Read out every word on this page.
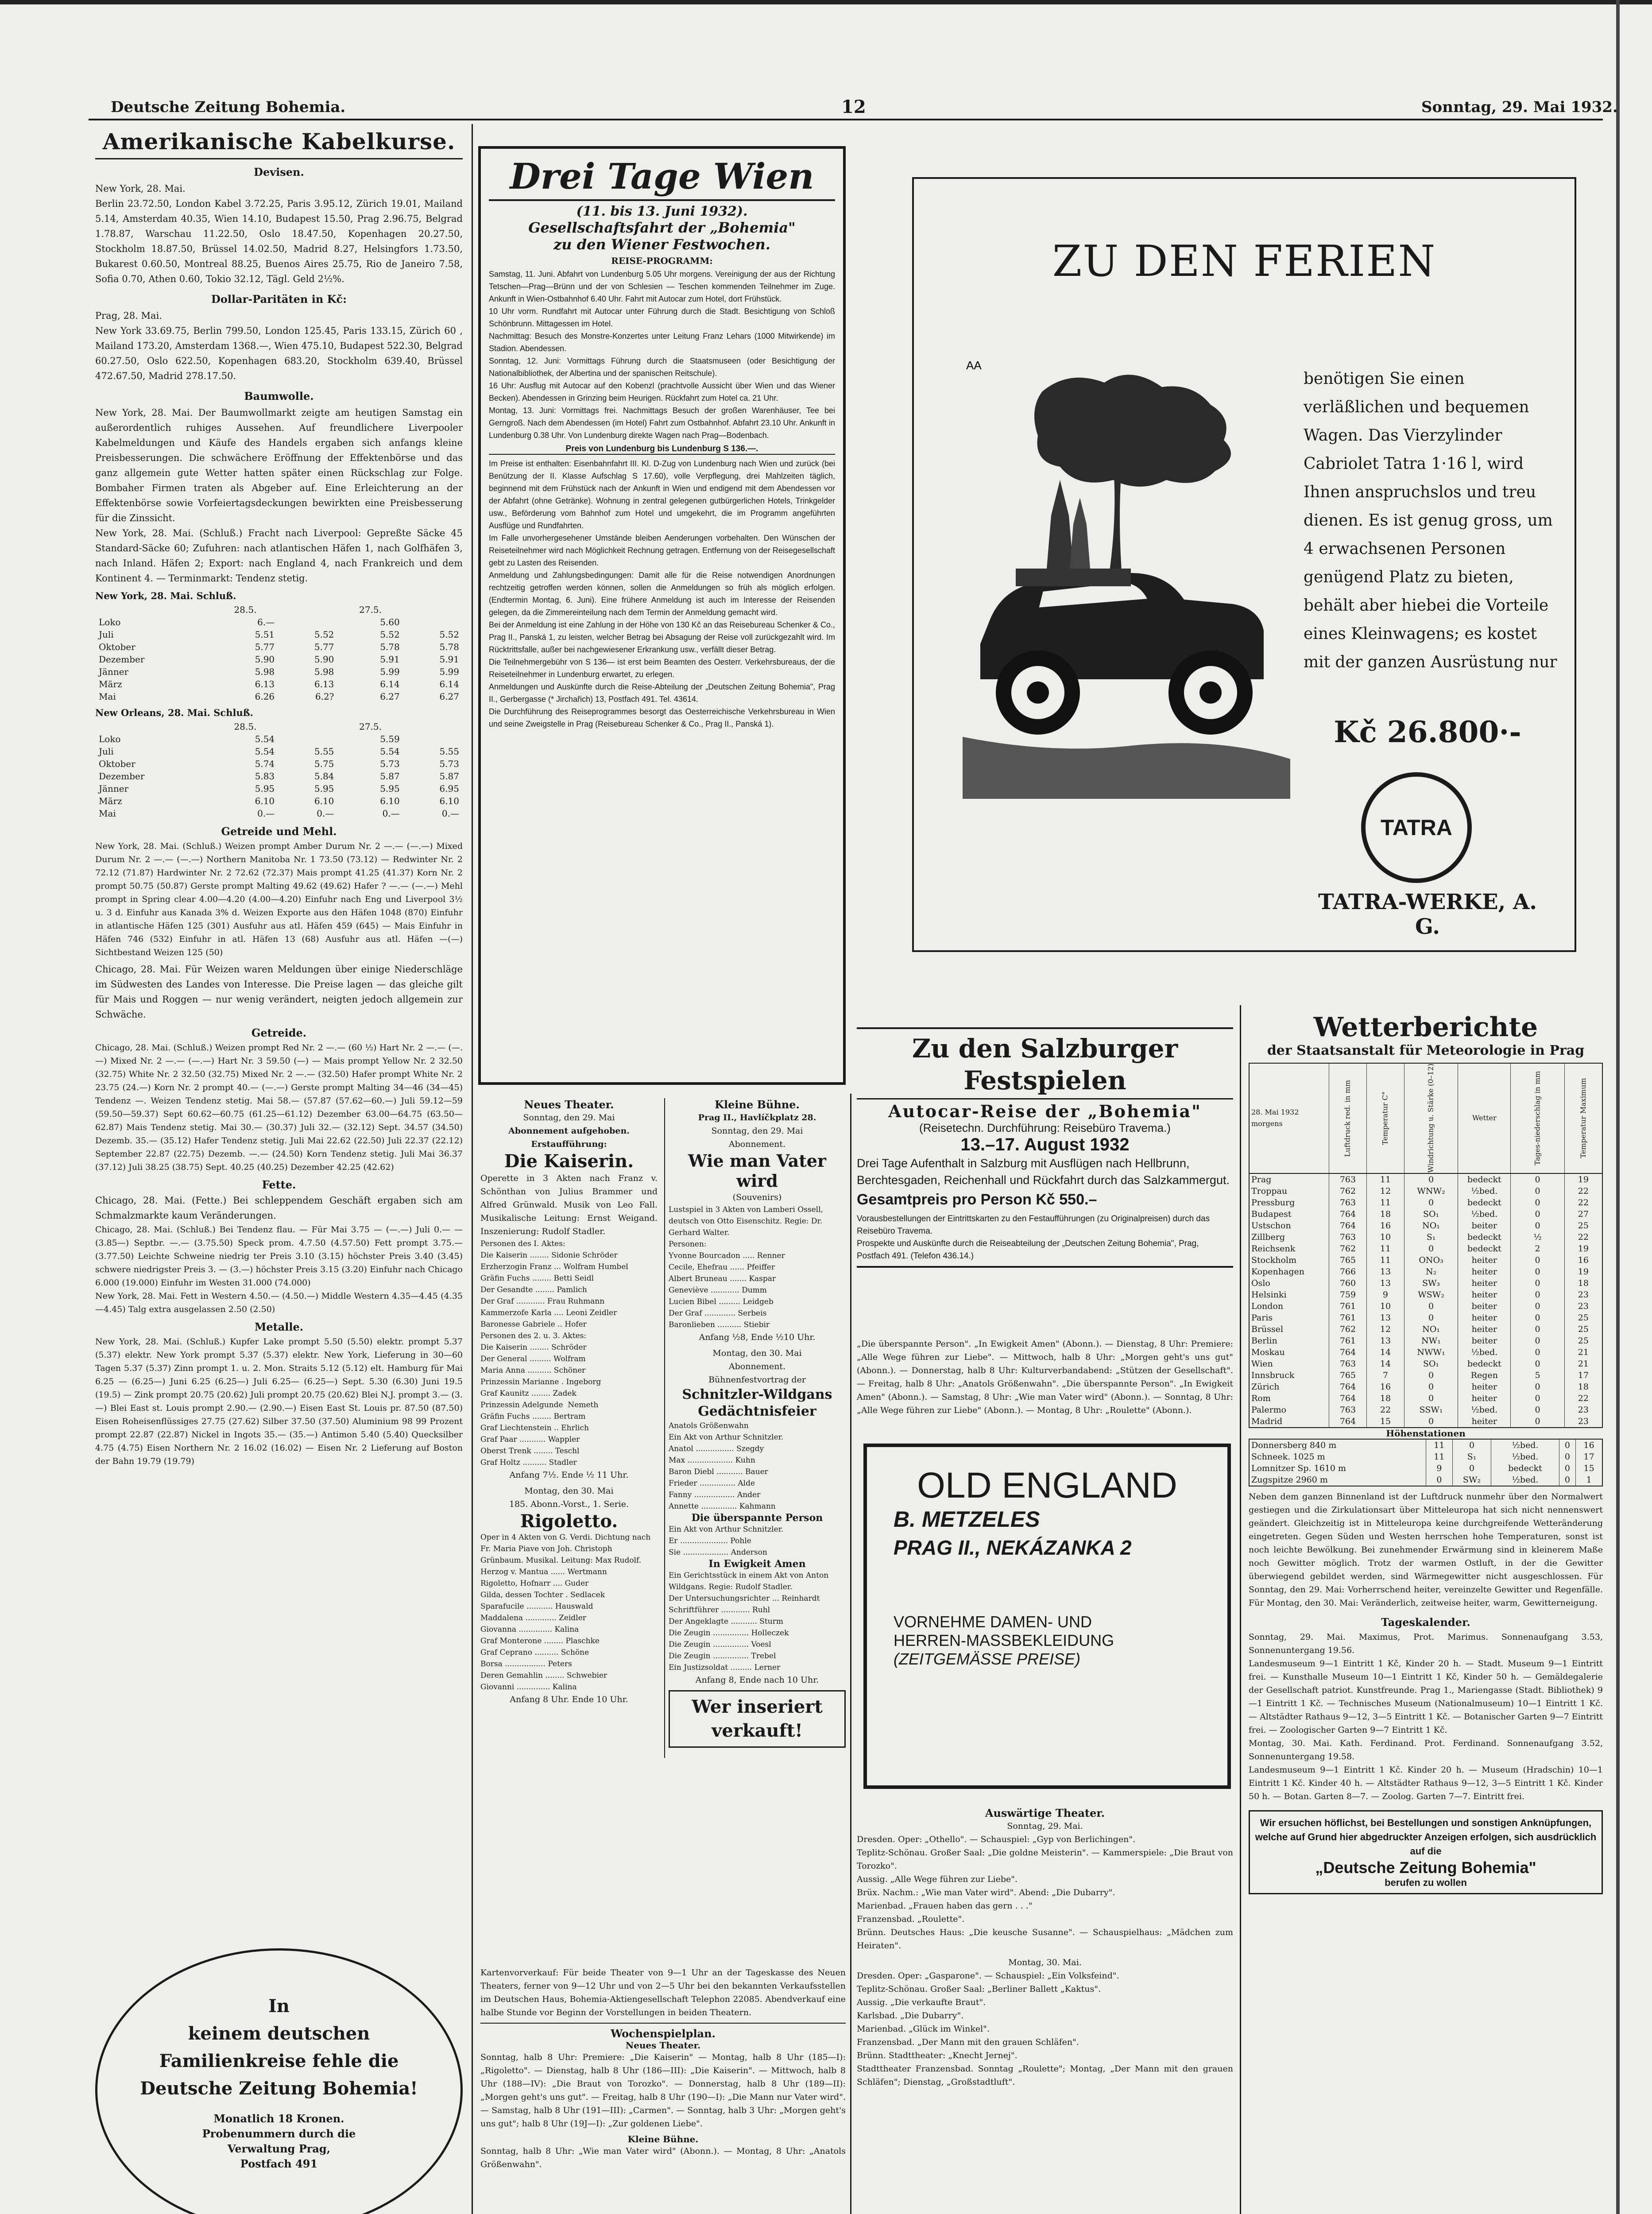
Deutsche Zeitung Bohemia.	12	Sonntag, 29. Mai 1932.
Amerikanische Kabelkurse.
Devisen.
New York, 28. Mai.
Berlin 23.72.50, London Kabel 3.72.25, Paris 3.95.12, Zürich 19.01, Mailand 5.14, Amsterdam 40.35, Wien 14.10, Budapest 15.50, Prag 2.96.75, Belgrad 1.78.87, Warschau 11.22.50, Oslo 18.47.50, Kopenhagen 20.27.50, Stockholm 18.87.50, Brüssel 14.02.50, Madrid 8.27, Helsingfors 1.73.50, Bukarest 0.60.50, Montreal 88.25, Buenos Aires 25.75, Rio de Janeiro 7.58, Sofia 0.70, Athen 0.60, Tokio 32.12, Tägl. Geld 2½%.
Dollar-Paritäten in Kč:
Prag, 28. Mai.
New York 33.69.75, Berlin 799.50, London 125.45, Paris 133.15, Zürich 60 , Mailand 173.20, Amsterdam 1368.—, Wien 475.10, Budapest 522.30, Belgrad 60.27.50, Oslo 622.50, Kopenhagen 683.20, Stockholm 639.40, Brüssel 472.67.50, Madrid 278.17.50.
Baumwolle.
New York, 28. Mai. Der Baumwollmarkt zeigte am heutigen Samstag ein außerordentlich ruhiges Aussehen. Auf freundlichere Liverpooler Kabelmeldungen und Käufe des Handels ergaben sich anfangs kleine Preisbesserungen. Die schwächere Eröffnung der Effektenbörse und das ganz allgemein gute Wetter hatten später einen Rückschlag zur Folge. Bombaher Firmen traten als Abgeber auf. Eine Erleichterung an der Effektenbörse sowie Vorfeiertagsdeckungen bewirkten eine Preisbesserung für die Zinssicht.
New York, 28. Mai. (Schluß.) Fracht nach Liverpool: Gepreßte Säcke 45 Standard-Säcke 60; Zufuhren: nach atlantischen Häfen 1, nach Golfhäfen 3, nach Inland. Häfen 2; Export: nach England 4, nach Frankreich und dem Kontinent 4. — Terminmarkt: Tendenz stetig.
New York, 28. Mai. Schluß.
	28.5.		27.5.	
Loko	6.—		5.60	
Juli	5.51	5.52	5.52	5.52
Oktober	5.77	5.77	5.78	5.78
Dezember	5.90	5.90	5.91	5.91
Jänner	5.98	5.98	5.99	5.99
März	6.13	6.13	6.14	6.14
Mai	6.26	6.2?	6.27	6.27
New Orleans, 28. Mai. Schluß.
	28.5.		27.5.	
Loko	5.54		5.59	
Juli	5.54	5.55	5.54	5.55
Oktober	5.74	5.75	5.73	5.73
Dezember	5.83	5.84	5.87	5.87
Jänner	5.95	5.95	5.95	6.95
März	6.10	6.10	6.10	6.10
Mai	0.—	0.—	0.—	0.—
Getreide und Mehl.
New York, 28. Mai. (Schluß.) Weizen prompt Amber Durum Nr. 2 —.— (—.—) Mixed Durum Nr. 2 —.— (—.—) Northern Manitoba Nr. 1 73.50 (73.12) — Redwinter Nr. 2 72.12 (71.87) Hardwinter Nr. 2 72.62 (72.37) Mais prompt 41.25 (41.37) Korn Nr. 2 prompt 50.75 (50.87) Gerste prompt Malting 49.62 (49.62) Hafer ? —.— (—.—) Mehl prompt in Spring clear 4.00—4.20 (4.00—4.20) Einfuhr nach Eng und Liverpool 3½ u. 3 d. Einfuhr aus Kanada 3% d. Weizen Exporte aus den Häfen 1048 (870) Einfuhr in atlantische Häfen 125 (301) Ausfuhr aus atl. Häfen 459 (645) — Mais Einfuhr in Häfen 746 (532) Einfuhr in atl. Häfen 13 (68) Ausfuhr aus atl. Häfen —(—) Sichtbestand Weizen 125 (50)
Chicago, 28. Mai. Für Weizen waren Meldungen über einige Niederschläge im Südwesten des Landes von Interesse. Die Preise lagen — das gleiche gilt für Mais und Roggen — nur wenig verändert, neigten jedoch allgemein zur Schwäche.
Getreide.
Chicago, 28. Mai. (Schluß.) Weizen prompt Red Nr. 2 —.— (60 ½) Hart Nr. 2 —.— (—.—) Mixed Nr. 2 —.— (—.—) Hart Nr. 3 59.50 (—) — Mais prompt Yellow Nr. 2 32.50 (32.75) White Nr. 2 32.50 (32.75) Mixed Nr. 2 —.— (32.50) Hafer prompt White Nr. 2 23.75 (24.—) Korn Nr. 2 prompt 40.— (—.—) Gerste prompt Malting 34—46 (34—45) Tendenz —. Weizen Tendenz stetig. Mai 58.— (57.87 (57.62—60.—) Juli 59.12—59 (59.50—59.37) Sept 60.62—60.75 (61.25—61.12) Dezember 63.00—64.75 (63.50—62.87) Mais Tendenz stetig. Mai 30.— (30.37) Juli 32.— (32.12) Sept. 34.57 (34.50) Dezemb. 35.— (35.12) Hafer Tendenz stetig. Juli Mai 22.62 (22.50) Juli 22.37 (22.12) September 22.87 (22.75) Dezemb. —.— (24.50) Korn Tendenz stetig. Juli Mai 36.37 (37.12) Juli 38.25 (38.75) Sept. 40.25 (40.25) Dezember 42.25 (42.62)
Fette.
Chicago, 28. Mai. (Fette.) Bei schleppendem Geschäft ergaben sich am Schmalzmarkte kaum Veränderungen.
Chicago, 28. Mai. (Schluß.) Bei Tendenz flau. — Für Mai 3.75 — (—.—) Juli 0.— — (3.85—) Septbr. —.— (3.75.50) Speck prom. 4.7.50 (4.57.50) Fett prompt 3.75.— (3.77.50) Leichte Schweine niedrig ter Preis 3.10 (3.15) höchster Preis 3.40 (3.45) schwere niedrigster Preis 3. — (3.—) höchster Preis 3.15 (3.20) Einfuhr nach Chicago 6.000 (19.000) Einfuhr im Westen 31.000 (74.000)
New York, 28. Mai. Fett in Western 4.50.— (4.50.—) Middle Western 4.35—4.45 (4.35—4.45) Talg extra ausgelassen 2.50 (2.50)
Metalle.
New York, 28. Mai. (Schluß.) Kupfer Lake prompt 5.50 (5.50) elektr. prompt 5.37 (5.37) elektr. New York prompt 5.37 (5.37) elektr. New York, Lieferung in 30—60 Tagen 5.37 (5.37) Zinn prompt 1. u. 2. Mon. Straits 5.12 (5.12) elt. Hamburg für Mai 6.25 — (6.25—) Juni 6.25 (6.25—) Juli 6.25— (6.25—) Sept. 5.30 (6.30) Juni 19.5 (19.5) — Zink prompt 20.75 (20.62) Juli prompt 20.75 (20.62) Blei N.J. prompt 3.— (3.—) Blei East st. Louis prompt 2.90.— (2.90.—) Eisen East St. Louis pr. 87.50 (87.50) Eisen Roheisenflüssiges 27.75 (27.62) Silber 37.50 (37.50) Aluminium 98 99 Prozent prompt 22.87 (22.87) Nickel in Ingots 35.— (35.—) Antimon 5.40 (5.40) Quecksilber 4.75 (4.75) Eisen Northern Nr. 2 16.02 (16.02) — Eisen Nr. 2 Lieferung auf Boston der Bahn 19.79 (19.79)
In
keinem deutschen
Familienkreise fehle die
Deutsche Zeitung Bohemia!
Monatlich 18 Kronen.
Probenummern durch die
Verwaltung Prag,
Postfach 491
Drei Tage Wien
(11. bis 13. Juni 1932).
Gesellschaftsfahrt der „Bohemia"
zu den Wiener Festwochen.
REISE-PROGRAMM:
Samstag, 11. Juni. Abfahrt von Lundenburg 5.05 Uhr morgens. Vereinigung der aus der Richtung Tetschen—Prag—Brünn und der von Schlesien — Teschen kommenden Teilnehmer im Zuge. Ankunft in Wien-Ostbahnhof 6.40 Uhr. Fahrt mit Autocar zum Hotel, dort Frühstück.
10 Uhr vorm. Rundfahrt mit Autocar unter Führung durch die Stadt. Besichtigung von Schloß Schönbrunn. Mittagessen im Hotel.
Nachmittag: Besuch des Monstre-Konzertes unter Leitung Franz Lehars (1000 Mitwirkende) im Stadion. Abendessen.
Sonntag, 12. Juni: Vormittags Führung durch die Staatsmuseen (oder Besichtigung der Nationalbibliothek, der Albertina und der spanischen Reitschule).
16 Uhr: Ausflug mit Autocar auf den Kobenzl (prachtvolle Aussicht über Wien und das Wiener Becken). Abendessen in Grinzing beim Heurigen. Rückfahrt zum Hotel ca. 21 Uhr.
Montag, 13. Juni: Vormittags frei. Nachmittags Besuch der großen Warenhäuser, Tee bei Gerngroß. Nach dem Abendessen (im Hotel) Fahrt zum Ostbahnhof. Abfahrt 23.10 Uhr. Ankunft in Lundenburg 0.38 Uhr. Von Lundenburg direkte Wagen nach Prag—Bodenbach.
Preis von Lundenburg bis Lundenburg S 136.—.
Im Preise ist enthalten: Eisenbahnfahrt III. Kl. D-Zug von Lundenburg nach Wien und zurück (bei Benützung der II. Klasse Aufschlag S 17.60), volle Verpflegung, drei Mahlzeiten täglich, beginnend mit dem Frühstück nach der Ankunft in Wien und endigend mit dem Abendessen vor der Abfahrt (ohne Getränke). Wohnung in zentral gelegenen gutbürgerlichen Hotels, Trinkgelder usw., Beförderung vom Bahnhof zum Hotel und umgekehrt, die im Programm angeführten Ausflüge und Rundfahrten.
Im Falle unvorhergesehener Umstände bleiben Aenderungen vorbehalten. Den Wünschen der Reiseteilnehmer wird nach Möglichkeit Rechnung getragen. Entfernung von der Reisegesellschaft gebt zu Lasten des Reisenden.
Anmeldung und Zahlungsbedingungen: Damit alle für die Reise notwendigen Anordnungen rechtzeitig getroffen werden können, sollen die Anmeldungen so früh als möglich erfolgen. (Endtermin Montag, 6. Juni). Eine frühere Anmeldung ist auch im Interesse der Reisenden gelegen, da die Zimmereinteilung nach dem Termin der Anmeldung gemacht wird.
Bei der Anmeldung ist eine Zahlung in der Höhe von 130 Kč an das Reisebureau Schenker & Co., Prag II., Panská 1, zu leisten, welcher Betrag bei Absagung der Reise voll zurückgezahlt wird. Im Rücktrittsfalle, außer bei nachgewiesener Erkrankung usw., verfällt dieser Betrag.
Die Teilnehmergebühr von S 136— ist erst beim Beamten des Oesterr. Verkehrsbureaus, der die Reiseteilnehmer in Lundenburg erwartet, zu erlegen.
Anmeldungen und Auskünfte durch die Reise-Abteilung der „Deutschen Zeitung Bohemia", Prag II., Gerbergasse (* Jirchařich) 13, Postfach 491. Tel. 43614.
Die Durchführung des Reiseprogrammes besorgt das Oesterreichische Verkehrsbureau in Wien und seine Zweigstelle in Prag (Reisebureau Schenker & Co., Prag II., Panská 1).
Neues Theater.
Sonntag, den 29. Mai
Abonnement aufgehoben.
Erstaufführung:
Die Kaiserin.
Operette in 3 Akten nach Franz v. Schönthan von Julius Brammer und Alfred Grünwald. Musik von Leo Fall. Musikalische Leitung: Ernst Weigand. Inszenierung: Rudolf Stadler.
Personen des I. Aktes:
Die Kaiserin ........ Sidonie Schröder
Erzherzogin Franz ... Wolfram Humbel
Gräfin Fuchs ........ Betti Seidl
Der Gesandte ........ Pamlich
Der Graf ............ Frau Ruhmann
Kammerzofe Karla .... Leoni Zeidler
Baronesse Gabriele .. Hofer
Personen des 2. u. 3. Aktes:
Die Kaiserin ........ Schröder
Der General ......... Wolfram
Maria Anna .......... Schöner
Prinzessin Marianne . Ingeborg
Graf Kaunitz ........ Zadek
Prinzessin Adelgunde  Nemeth
Gräfin Fuchs ........ Bertram
Graf Liechtenstein .. Ehrlich
Graf Paar ........... Wappler
Oberst Trenk ........ Teschl
Graf Holtz .......... Stadler
Anfang 7½. Ende ½ 11 Uhr.
Montag, den 30. Mai
185. Abonn.-Vorst., 1. Serie.
Rigoletto.
Oper in 4 Akten von G. Verdi. Dichtung nach Fr. Maria Piave von Joh. Christoph Grünbaum. Musikal. Leitung: Max Rudolf.
Herzog v. Mantua ...... Wertmann
Rigoletto, Hofnarr .... Guder
Gilda, dessen Tochter . Sedlacek
Sparafucile ........... Hauswald
Maddalena ............. Zeidler
Giovanna .............. Kalina
Graf Monterone ........ Plaschke
Graf Ceprano .......... Schöne
Borsa ................. Peters
Deren Gemahlin ........ Schwebier
Giovanni .............. Kalina
Anfang 8 Uhr. Ende 10 Uhr.
Kleine Bühne.
Prag II., Havlíčkplatz 28.
Sonntag, den 29. Mai
Abonnement.
Wie man Vater wird
(Souvenirs)
Lustspiel in 3 Akten von Lamberi Ossell, deutsch von Otto Eisenschitz. Regie: Dr. Gerhard Walter.
Personen:
Yvonne Bourcadon ..... Renner
Cecile, Ehefrau ...... Pfeiffer
Albert Bruneau ....... Kaspar
Geneviève ............ Dumm
Lucien Bibel ......... Leidgeb
Der Graf ............. Serbeis
Baronlieben .......... Stiebir
Anfang ½8, Ende ½10 Uhr.
Montag, den 30. Mai
Abonnement.
Bühnenfestvortrag der
Schnitzler-Wildgans Gedächtnisfeier
Anatols Größenwahn
Ein Akt von Arthur Schnitzler.
Anatol ................ Szegdy
Max ................... Kuhn
Baron Diebl ........... Bauer
Frieder ............... Alde
Fanny ................. Ander
Annette ............... Kahmann
Die überspannte Person
Ein Akt von Arthur Schnitzler.
Er .................... Pohle
Sie ................... Anderson
In Ewigkeit Amen
Ein Gerichtsstück in einem Akt von Anton Wildgans. Regie: Rudolf Stadler.
Der Untersuchungsrichter ... Reinhardt
Schriftführer ............ Ruhl
Der Angeklagte ........... Sturm
Die Zeugin ............... Holleczek
Die Zeugin ............... Voesl
Die Zeugin ............... Trebel
Ein Justizsoldat ......... Lerner
Anfang 8, Ende nach 10 Uhr.
Wer inseriert
verkauft!
Kartenvorverkauf: Für beide Theater von 9—1 Uhr an der Tageskasse des Neuen Theaters, ferner von 9—12 Uhr und von 2—5 Uhr bei den bekannten Verkaufsstellen im Deutschen Haus, Bohemia-Aktiengesellschaft Telephon 22085. Abendverkauf eine halbe Stunde vor Beginn der Vorstellungen in beiden Theatern.
Wochenspielplan.
Neues Theater.
Sonntag, halb 8 Uhr: Premiere: „Die Kaiserin" — Montag, halb 8 Uhr (185—I): „Rigoletto". — Dienstag, halb 8 Uhr (186—III): „Die Kaiserin". — Mittwoch, halb 8 Uhr (188—IV): „Die Braut von Torozko". — Donnerstag, halb 8 Uhr (189—II): „Morgen geht's uns gut". — Freitag, halb 8 Uhr (190—I): „Die Mann nur Vater wird". — Samstag, halb 8 Uhr (191—III): „Carmen". — Sonntag, halb 3 Uhr: „Morgen geht's uns gut"; halb 8 Uhr (19J—I): „Zur goldenen Liebe".
Kleine Bühne.
Sonntag, halb 8 Uhr: „Wie man Vater wird" (Abonn.). — Montag, 8 Uhr: „Anatols Größenwahn".
ZU DEN FERIEN
AA
benötigen Sie einen verläßlichen und bequemen Wagen. Das Vierzylinder Cabriolet Tatra 1·16 l, wird Ihnen anspruchslos und treu dienen. Es ist genug gross, um 4 erwachsenen Personen genügend Platz zu bieten, behält aber hiebei die Vorteile eines Kleinwagens; es kostet mit der ganzen Ausrüstung nur
Kč 26.800·-
TATRA
TATRA-WERKE, A. G.
Zu den Salzburger Festspielen
Autocar-Reise der „Bohemia"
(Reisetechn. Durchführung: Reisebüro Travema.)
13.–17. August 1932
Drei Tage Aufenthalt in Salzburg mit Ausflügen nach Hellbrunn, Berchtesgaden, Reichenhall und Rückfahrt durch das Salzkammergut.
Gesamtpreis pro Person Kč 550.–
Vorausbestellungen der Eintrittskarten zu den Festaufführungen (zu Originalpreisen) durch das Reisebüro Travema.
Prospekte und Auskünfte durch die Reiseabteilung der „Deutschen Zeitung Bohemia", Prag, Postfach 491. (Telefon 436.14.)
„Die überspannte Person". „In Ewigkeit Amen" (Abonn.). — Dienstag, 8 Uhr: Premiere: „Alle Wege führen zur Liebe". — Mittwoch, halb 8 Uhr: „Morgen geht's uns gut" (Abonn.). — Donnerstag, halb 8 Uhr: Kulturverbandabend: „Stützen der Gesellschaft". — Freitag, halb 8 Uhr: „Anatols Größenwahn". „Die überspannte Person". „In Ewigkeit Amen" (Abonn.). — Samstag, 8 Uhr: „Wie man Vater wird" (Abonn.). — Sonntag, 8 Uhr: „Alle Wege führen zur Liebe" (Abonn.). — Montag, 8 Uhr: „Roulette" (Abonn.).
OLD ENGLAND
B. METZELES
PRAG II., NEKÁZANKA 2
VORNEHME DAMEN- UND
HERREN-MASSBEKLEIDUNG
(ZEITGEMÄSSE PREISE)
Auswärtige Theater.
Sonntag, 29. Mai.
Dresden. Oper: „Othello". — Schauspiel: „Gyp von Berlichingen".
Teplitz-Schönau. Großer Saal: „Die goldne Meisterin". — Kammerspiele: „Die Braut von Torozko".
Aussig. „Alle Wege führen zur Liebe".
Brüx. Nachm.: „Wie man Vater wird". Abend: „Die Dubarry".
Marienbad. „Frauen haben das gern . . ."
Franzensbad. „Roulette".
Brünn. Deutsches Haus: „Die keusche Susanne". — Schauspielhaus: „Mädchen zum Heiraten".
Montag, 30. Mai.
Dresden. Oper: „Gasparone". — Schauspiel: „Ein Volksfeind".
Teplitz-Schönau. Großer Saal: „Berliner Ballett „Kaktus".
Aussig. „Die verkaufte Braut".
Karlsbad. „Die Dubarry".
Marienbad. „Glück im Winkel".
Franzensbad. „Der Mann mit den grauen Schläfen".
Brünn. Stadttheater: „Knecht Jernej".
Stadttheater Franzensbad. Sonntag „Roulette"; Montag, „Der Mann mit den grauen Schläfen"; Dienstag, „Großstadtluft".
Wetterberichte
der Staatsanstalt für Meteorologie in Prag
28. Mai 1932
morgens	Luftdruck red. in mm	Temperatur C°	Windrichtung u. Stärke (0–12)	Wetter	Tages-niederschlag in mm	Temperatur Maximum
Prag	763	11	0	bedeckt	0	19
Troppau	762	12	WNW₂	½bed.	0	22
Pressburg	763	11	0	bedeckt	0	22
Budapest	764	18	SO₁	½bed.	0	27
Ustschon	764	16	NO₁	beiter	0	25
Zillberg	763	10	S₁	bedeckt	½	22
Reichsenk	762	11	0	bedeckt	2	19
Stockholm	765	11	ONO₃	heiter	0	16
Kopenhagen	766	13	N₂	heiter	0	19
Oslo	760	13	SW₃	heiter	0	18
Helsinki	759	9	WSW₂	heiter	0	23
London	761	10	0	beiter	0	23
Paris	761	13	0	heiter	0	25
Brüssel	762	12	NO₁	heiter	0	25
Berlin	761	13	NW₁	beiter	0	25
Moskau	764	14	NWW₁	½bed.	0	21
Wien	763	14	SO₁	bedeckt	0	21
Innsbruck	765	7	0	Regen	5	17
Zürich	764	16	0	heiter	0	18
Rom	764	18	0	heiter	0	22
Palermo	763	22	SSW₁	½bed.	0	23
Madrid	764	15	0	heiter	0	23
Höhenstationen
Donnersberg 840 m	11	0	½bed.	0	16
Schneek. 1025 m	11	S₁	½bed.	0	17
Lomnitzer Sp. 1610 m	9	0	bedeckt	0	15
Zugspitze 2960 m	0	SW₂	½bed.	0	1
Neben dem ganzen Binnenland ist der Luftdruck nunmehr über den Normalwert gestiegen und die Zirkulationsart über Mitteleuropa hat sich nicht nennenswert geändert. Gleichzeitig ist in Mitteleuropa keine durchgreifende Wetteränderung eingetreten. Gegen Süden und Westen herrschen hohe Temperaturen, sonst ist noch leichte Bewölkung. Bei zunehmender Erwärmung sind in kleinerem Maße noch Gewitter möglich. Trotz der warmen Ostluft, in der die Gewitter überwiegend gebildet werden, sind Wärmegewitter nicht ausgeschlossen. Für Sonntag, den 29. Mai: Vorherrschend heiter, vereinzelte Gewitter und Regenfälle. Für Montag, den 30. Mai: Veränderlich, zeitweise heiter, warm, Gewitterneigung.
Tageskalender.
Sonntag, 29. Mai. Maximus, Prot. Marimus. Sonnenaufgang 3.53, Sonnenuntergang 19.56.
Landesmuseum 9—1 Eintritt 1 Kč, Kinder 20 h. — Stadt. Museum 9—1 Eintritt frei. — Kunsthalle Museum 10—1 Eintritt 1 Kč, Kinder 50 h. — Gemäldegalerie der Gesellschaft patriot. Kunstfreunde. Prag 1., Mariengasse (Stadt. Bibliothek) 9—1 Eintritt 1 Kč. — Technisches Museum (Nationalmuseum) 10—1 Eintritt 1 Kč. — Altstädter Rathaus 9—12, 3—5 Eintritt 1 Kč. — Botanischer Garten 9—7 Eintritt frei. — Zoologischer Garten 9—7 Eintritt 1 Kč.
Montag, 30. Mai. Kath. Ferdinand. Prot. Ferdinand. Sonnenaufgang 3.52, Sonnenuntergang 19.58.
Landesmuseum 9—1 Eintritt 1 Kč. Kinder 20 h. — Museum (Hradschin) 10—1 Eintritt 1 Kč. Kinder 40 h. — Altstädter Rathaus 9—12, 3—5 Eintritt 1 Kč. Kinder 50 h. — Botan. Garten 8—7. — Zoolog. Garten 7—7. Eintritt frei.
Wir ersuchen höflichst, bei Bestellungen und sonstigen Anknüpfungen, welche auf Grund hier abgedruckter Anzeigen erfolgen, sich ausdrücklich auf die
„Deutsche Zeitung Bohemia"
berufen zu wollen
